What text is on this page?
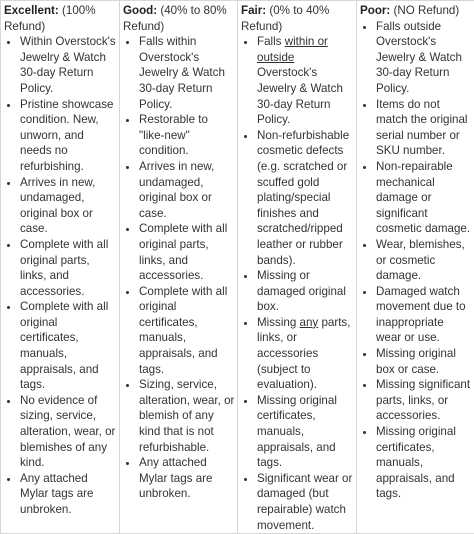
Excellent: (100% Refund)

• Within Overstock's Jewelry & Watch 30-day Return Policy.
• Pristine showcase condition. New, unworn, and needs no refurbishing.
• Arrives in new, undamaged, original box or case.
• Complete with all original parts, links, and accessories.
• Complete with all original certificates, manuals, appraisals, and tags.
• No evidence of sizing, service, alteration, wear, or blemishes of any kind.
• Any attached Mylar tags are unbroken.

Good: (40% to 80% Refund)

• Falls within Overstock's Jewelry & Watch 30-day Return Policy.
• Restorable to "like-new" condition.
• Arrives in new, undamaged, original box or case.
• Complete with all original parts, links, and accessories.
• Complete with all original certificates, manuals, appraisals, and tags.
• Sizing, service, alteration, wear, or blemish of any kind that is not refurbishable.
• Any attached Mylar tags are unbroken.

Fair: (0% to 40% Refund)

• Falls within or outside Overstock's Jewelry & Watch 30-day Return Policy.
• Non-refurbishable cosmetic defects (e.g. scratched or scuffed gold plating/special finishes and scratched/ripped leather or rubber bands).
• Missing or damaged original box.
• Missing any parts, links, or accessories (subject to evaluation).
• Missing original certificates, manuals, appraisals, and tags.
• Significant wear or damaged (but repairable) watch movement.

Poor: (NO Refund)

• Falls outside Overstock's Jewelry & Watch 30-day Return Policy.
• Items do not match the original serial number or SKU number.
• Non-repairable mechanical damage or significant cosmetic damage.
• Wear, blemishes, or cosmetic damage.
• Damaged watch movement due to inappropriate wear or use.
• Missing original box or case.
• Missing significant parts, links, or accessories.
• Missing original certificates, manuals, appraisals, and tags.
